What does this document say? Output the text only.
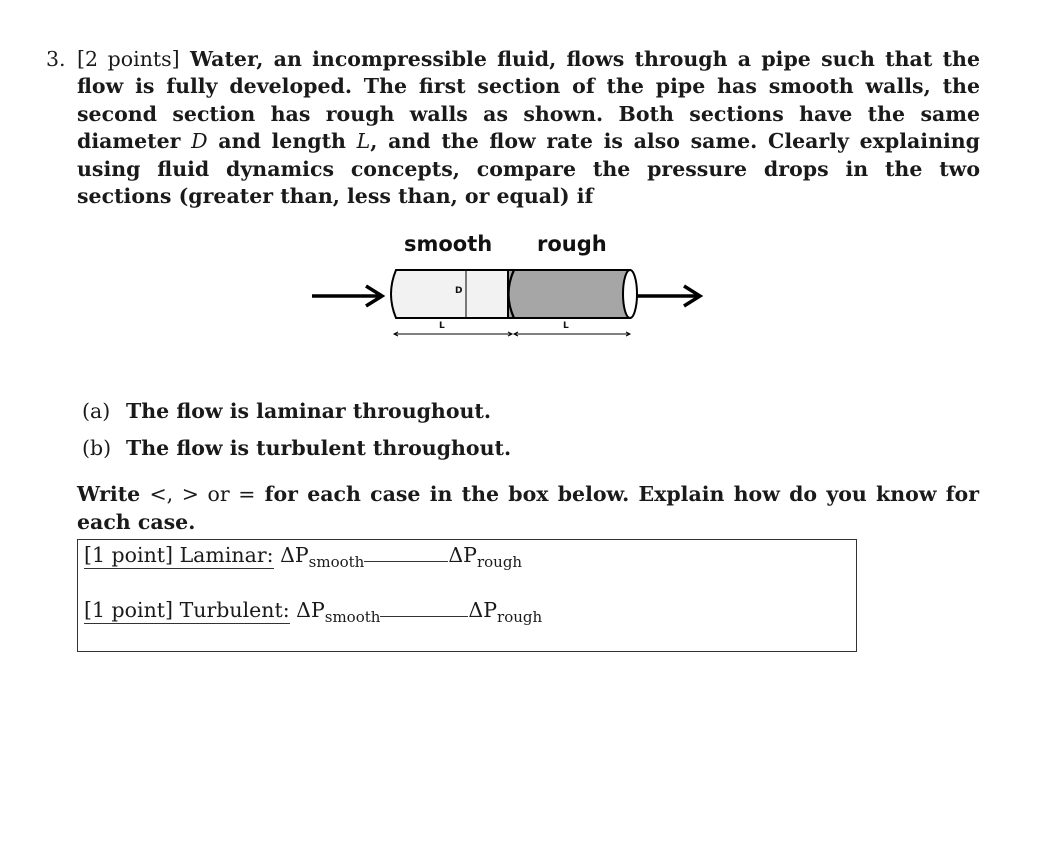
3. [2 points] Water, an incompressible fluid, flows through a pipe such that the flow is fully developed. The first section of the pipe has smooth walls, the second section has rough walls as shown. Both sections have the same diameter D and length L, and the flow rate is also same. Clearly explaining using fluid dynamics concepts, compare the pressure drops in the two sections (greater than, less than, or equal) if
smooth rough
D
L	L
(a) The flow is laminar throughout.
(b) The flow is turbulent throughout.
Write <, > or = for each case in the box below. Explain how do you know for each case.
[1 point] Laminar: $\Delta P_{smooth}$	$\Delta P_{rough}$
[1 point] Turbulent: $\Delta P_{smooth}$	$\Delta P_{rough}$
